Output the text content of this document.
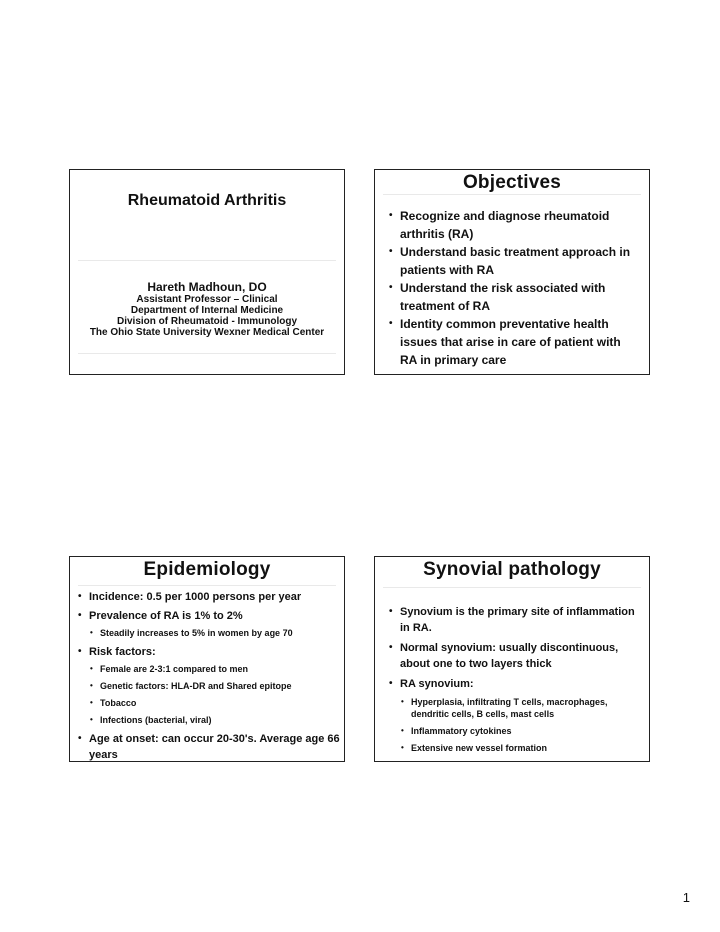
Rheumatoid Arthritis
Hareth Madhoun, DO
Assistant Professor – Clinical
Department of Internal Medicine
Division of Rheumatoid - Immunology
The Ohio State University Wexner Medical Center
Objectives
• Recognize and diagnose rheumatoid arthritis (RA)
• Understand basic treatment approach in patients with RA
• Understand the risk associated with treatment of RA
• Identity common preventative health issues that arise in care of patient with RA in primary care
Epidemiology
• Incidence: 0.5 per 1000 persons per year
• Prevalence of RA is 1% to 2%
• Steadily increases to 5% in women by age 70
• Risk factors:
• Female are 2-3:1 compared to men
• Genetic factors: HLA-DR and Shared epitope
• Tobacco
• Infections (bacterial, viral)
• Age at onset: can occur 20-30's. Average age 66 years
Synovial pathology
• Synovium is the primary site of inflammation in RA.
• Normal synovium: usually discontinuous, about one to two layers thick
• RA synovium:
• Hyperplasia, infiltrating T cells, macrophages, dendritic cells, B cells, mast cells
• Inflammatory cytokines
• Extensive new vessel formation
1
